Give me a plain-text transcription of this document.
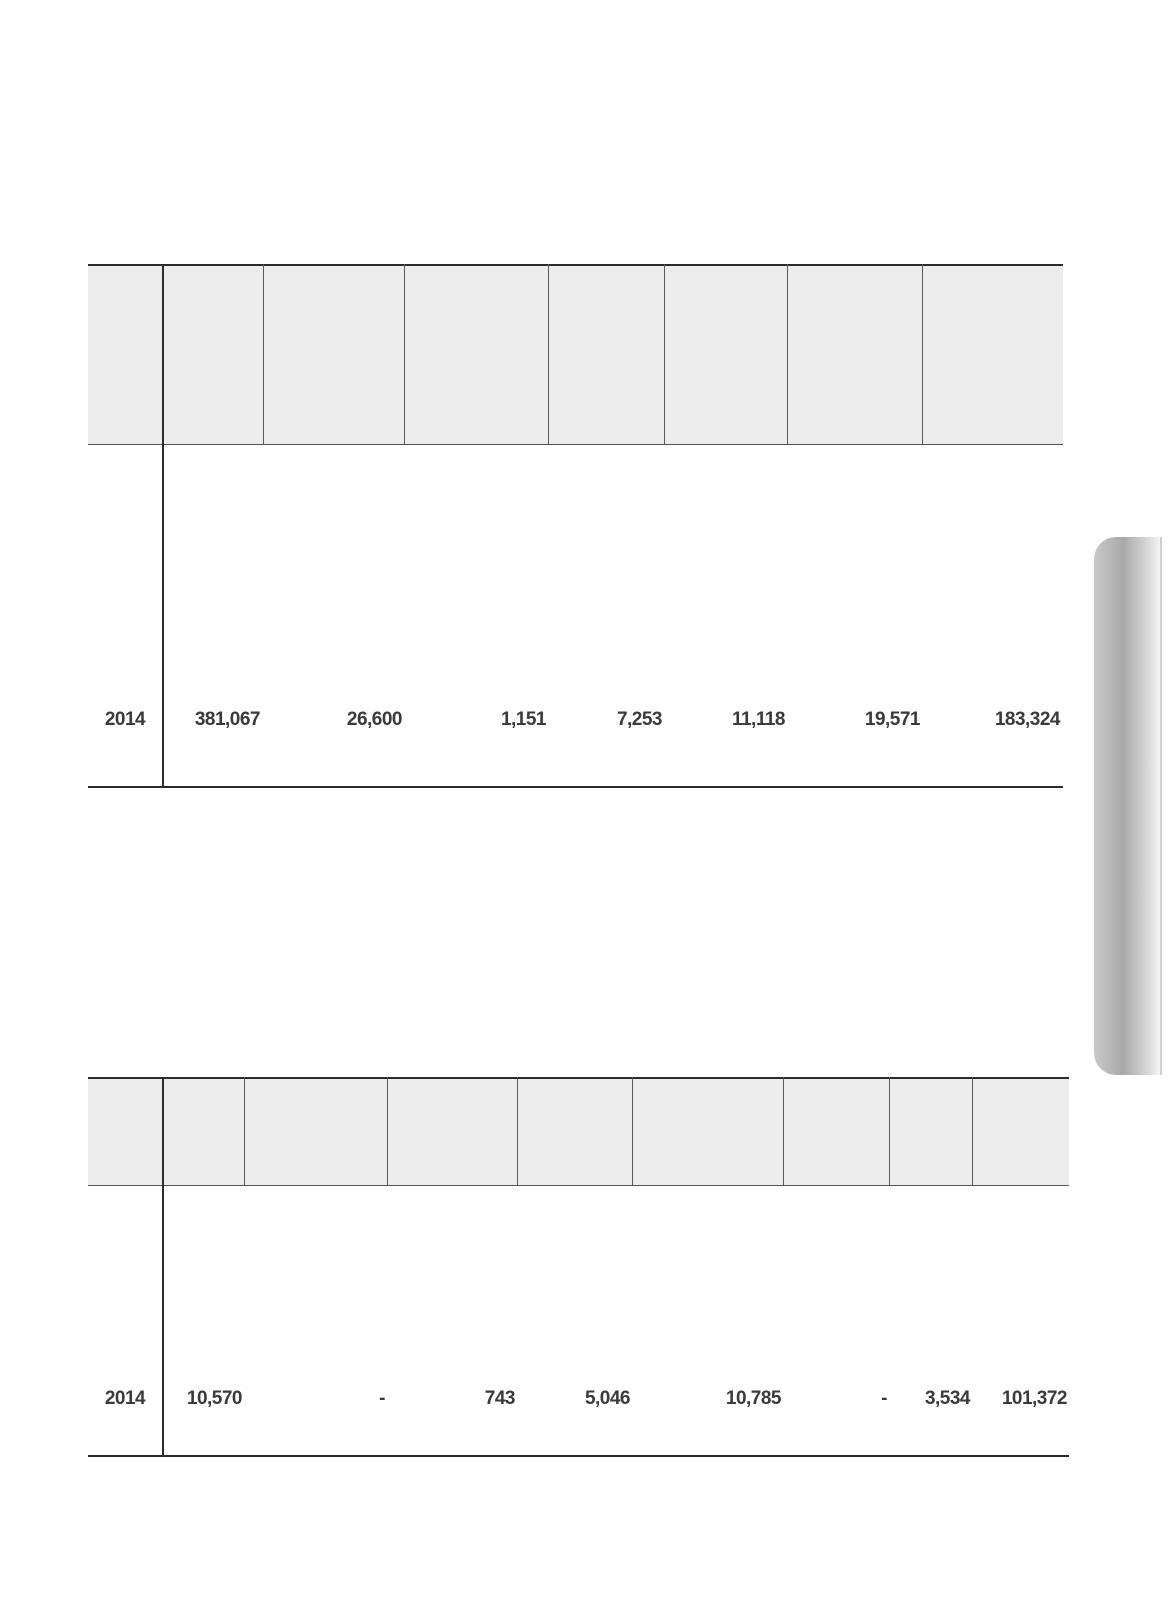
2014	381,067	26,600	1,151	7,253	11,118	19,571	183,324
2014	10,570	-	743	5,046	10,785	-	3,534	101,372
